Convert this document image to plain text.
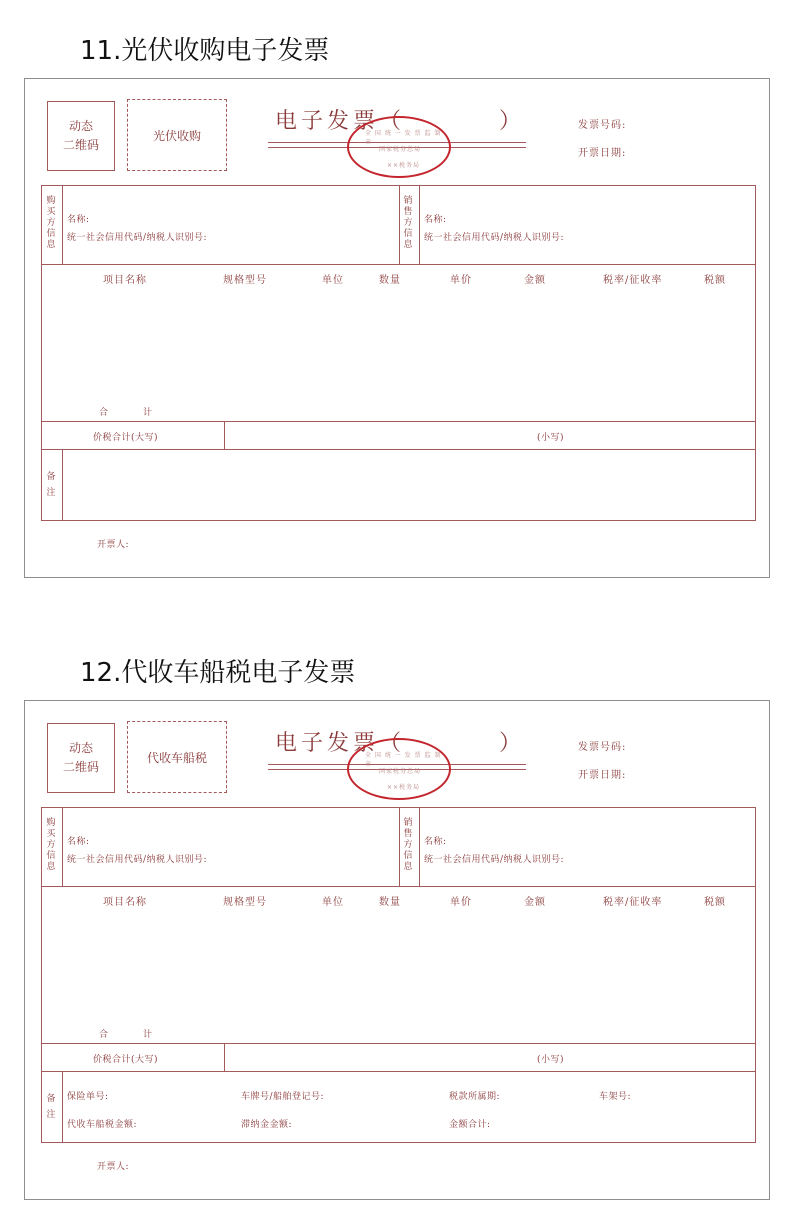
11.光伏收购电子发票
动态
二维码
光伏收购
电子发票（	）
全 国 统 一 发 票 监 制 章
国家税务总局
××税务局
发票号码:
开票日期:
购
买
方
信
息
名称:
统一社会信用代码/纳税人识别号:
销
售
方
信
息
名称:
统一社会信用代码/纳税人识别号:
项目名称	规格型号	单位	数量	单价	金额	税率/征收率	税额
合	计
价税合计(大写)	(小写)
备
注
开票人:
12.代收车船税电子发票
动态
二维码
代收车船税
电子发票（	）
全 国 统 一 发 票 监 制 章
国家税务总局
××税务局
发票号码:
开票日期:
购
买
方
信
息
名称:
统一社会信用代码/纳税人识别号:
销
售
方
信
息
名称:
统一社会信用代码/纳税人识别号:
项目名称	规格型号	单位	数量	单价	金额	税率/征收率	税额
合	计
价税合计(大写)	(小写)
备
注
保险单号:	车牌号/船舶登记号:	税款所属期:	车架号:
代收车船税金额:	滞纳金金额:	金额合计:
开票人:
